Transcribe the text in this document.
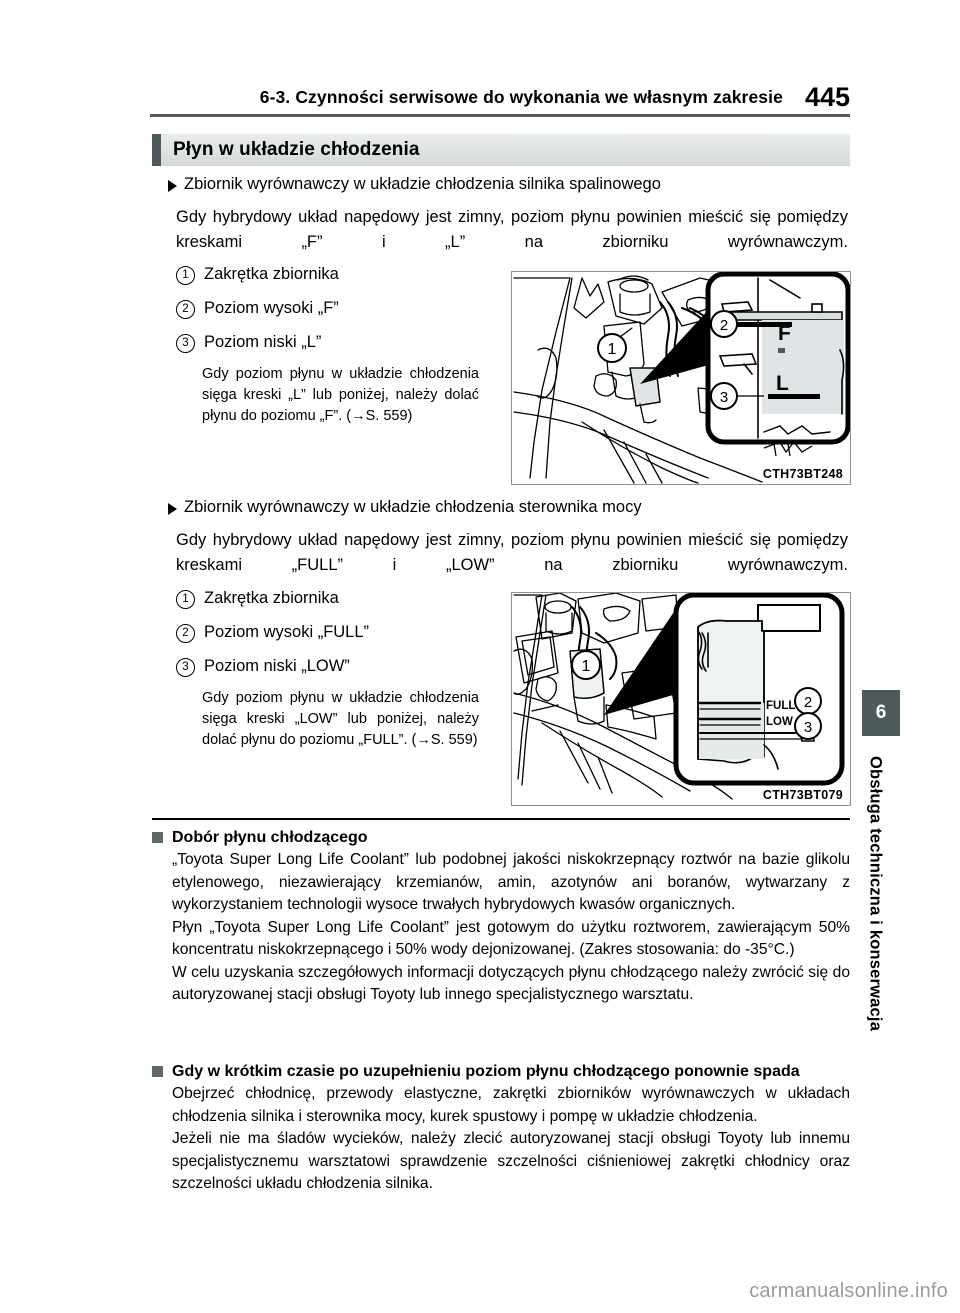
6-3. Czynności serwisowe do wykonania we własnym zakresie 445
Płyn w układzie chłodzenia
Zbiornik wyrównawczy w układzie chłodzenia silnika spalinowego
Gdy hybrydowy układ napędowy jest zimny, poziom płynu powinien mieścić się pomiędzy kreskami „F” i „L” na zbiorniku wyrównawczym.
1 Zakrętka zbiornika
2 Poziom wysoki „F”
3 Poziom niski „L”
Gdy poziom płynu w układzie chłodzenia sięga kreski „L” lub poniżej, należy dolać płynu do poziomu „F”. (→S. 559)
1
F
L
2
3
CTH73BT248
Zbiornik wyrównawczy w układzie chłodzenia sterownika mocy
Gdy hybrydowy układ napędowy jest zimny, poziom płynu powinien mieścić się pomiędzy kreskami „FULL” i „LOW” na zbiorniku wyrównawczym.
1 Zakrętka zbiornika
2 Poziom wysoki „FULL”
3 Poziom niski „LOW”
Gdy poziom płynu w układzie chłodzenia sięga kreski „LOW” lub poniżej, należy dolać płynu do poziomu „FULL”. (→S. 559)
1
FULL
LOW
2
3
CTH73BT079
Dobór płynu chłodzącego

„Toyota Super Long Life Coolant” lub podobnej jakości niskokrzepnący roztwór na bazie glikolu etylenowego, niezawierający krzemianów, amin, azotynów ani boranów, wytwarzany z wykorzystaniem technologii wysoce trwałych hybrydowych kwasów organicznych.

Płyn „Toyota Super Long Life Coolant” jest gotowym do użytku roztworem, zawierającym 50% koncentratu niskokrzepnącego i 50% wody dejonizowanej. (Zakres stosowania: do -35°C.)

W celu uzyskania szczegółowych informacji dotyczących płynu chłodzącego należy zwrócić się do autoryzowanej stacji obsługi Toyoty lub innego specjalistycznego warsztatu.

Gdy w krótkim czasie po uzupełnieniu poziom płynu chłodzącego ponownie spada

Obejrzeć chłodnicę, przewody elastyczne, zakrętki zbiorników wyrównawczych w układach chłodzenia silnika i sterownika mocy, kurek spustowy i pompę w układzie chłodzenia.

Jeżeli nie ma śladów wycieków, należy zlecić autoryzowanej stacji obsługi Toyoty lub innemu specjalistycznemu warsztatowi sprawdzenie szczelności ciśnieniowej zakrętki chłodnicy oraz szczelności układu chłodzenia silnika.

6
Obsługa techniczna i konserwacja
carmanualsonline.info
